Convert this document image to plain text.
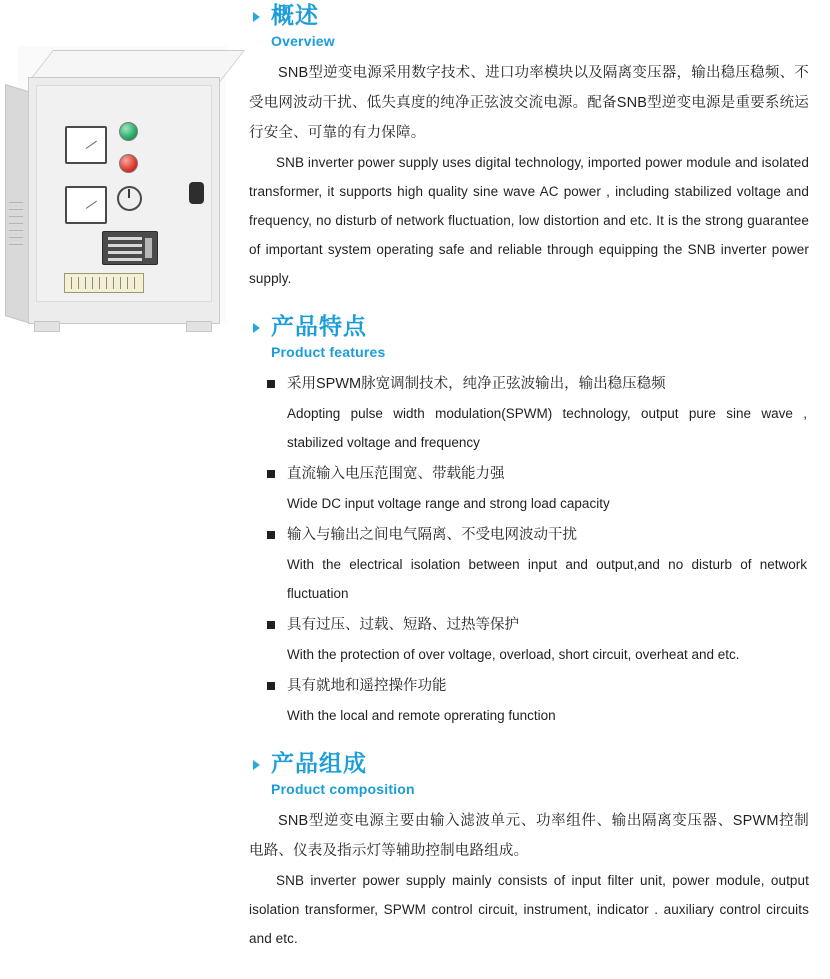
概述
Overview

SNB型逆变电源采用数字技术、进口功率模块以及隔离变压器，输出稳压稳频、不受电网波动干扰、低失真度的纯净正弦波交流电源。配备SNB型逆变电源是重要系统运行安全、可靠的有力保障。

SNB inverter power supply uses digital technology, imported power module and isolated transformer, it supports high quality sine wave AC power , including stabilized voltage and frequency, no disturb of network fluctuation, low distortion and etc. It is the strong guarantee of important system operating safe and reliable through equipping the SNB inverter power supply.

产品特点
Product features

采用SPWM脉宽调制技术，纯净正弦波输出，输出稳压稳频

Adopting pulse width modulation(SPWM) technology, output pure sine wave , stabilized voltage and frequency

直流输入电压范围宽、带载能力强

Wide DC input voltage range and strong load capacity

输入与输出之间电气隔离、不受电网波动干扰

With the electrical isolation between input and output,and no disturb of network fluctuation

具有过压、过载、短路、过热等保护

With the protection of over voltage, overload, short circuit, overheat and etc.

具有就地和遥控操作功能

With the local and remote oprerating function

产品组成
Product composition

SNB型逆变电源主要由输入滤波单元、功率组件、输出隔离变压器、SPWM控制电路、仪表及指示灯等辅助控制电路组成。

SNB inverter power supply mainly consists of input filter unit, power module, output isolation transformer, SPWM control circuit, instrument, indicator . auxiliary control circuits and etc.
